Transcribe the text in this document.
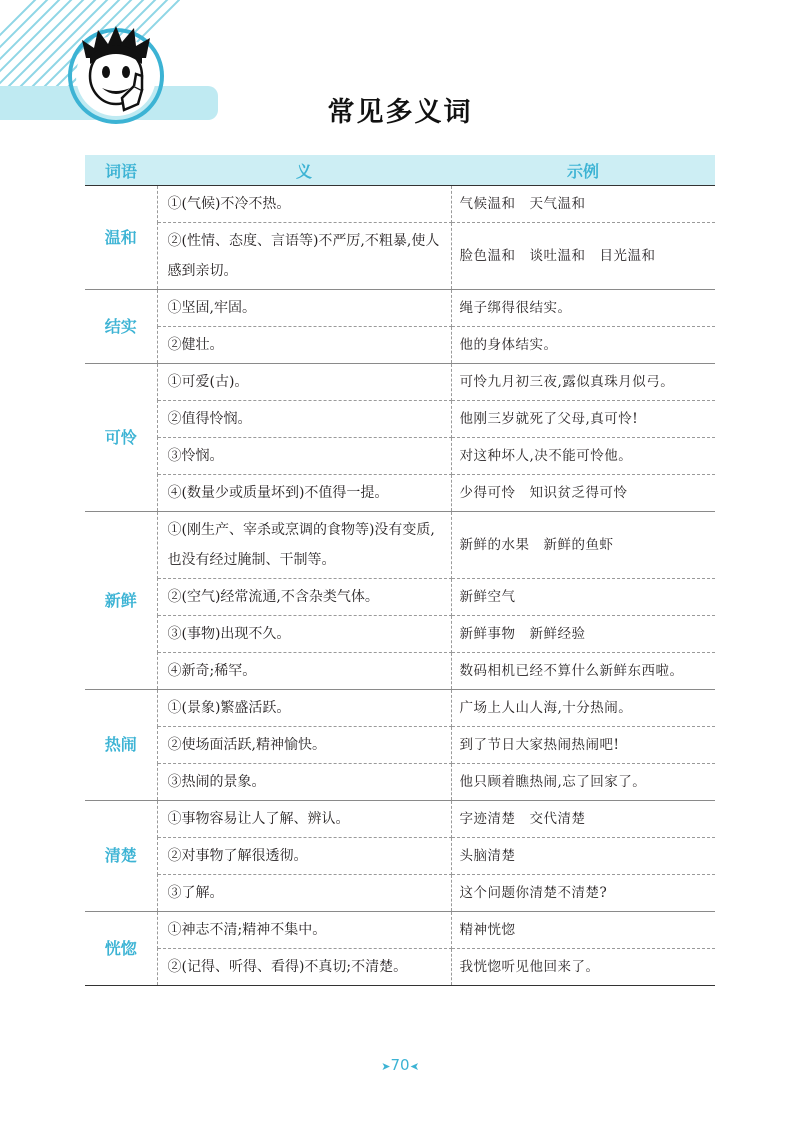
常见多义词
词语	义	示例
温和	①(气候)不冷不热。	气候温和　天气温和
	②(性情、态度、言语等)不严厉,不粗暴,使人感到亲切。	脸色温和　谈吐温和　目光温和
结实	①坚固,牢固。	绳子绑得很结实。
	②健壮。	他的身体结实。
可怜	①可爱(古)。	可怜九月初三夜,露似真珠月似弓。
	②值得怜悯。	他刚三岁就死了父母,真可怜!
	③怜悯。	对这种坏人,决不能可怜他。
	④(数量少或质量坏到)不值得一提。	少得可怜　知识贫乏得可怜
新鲜	①(刚生产、宰杀或烹调的食物等)没有变质,也没有经过腌制、干制等。	新鲜的水果　新鲜的鱼虾
	②(空气)经常流通,不含杂类气体。	新鲜空气
	③(事物)出现不久。	新鲜事物　新鲜经验
	④新奇;稀罕。	数码相机已经不算什么新鲜东西啦。
热闹	①(景象)繁盛活跃。	广场上人山人海,十分热闹。
	②使场面活跃,精神愉快。	到了节日大家热闹热闹吧!
	③热闹的景象。	他只顾着瞧热闹,忘了回家了。
清楚	①事物容易让人了解、辨认。	字迹清楚　交代清楚
	②对事物了解很透彻。	头脑清楚
	③了解。	这个问题你清楚不清楚?
恍惚	①神志不清;精神不集中。	精神恍惚
	②(记得、听得、看得)不真切;不清楚。	我恍惚听见他回来了。
➤70➤
